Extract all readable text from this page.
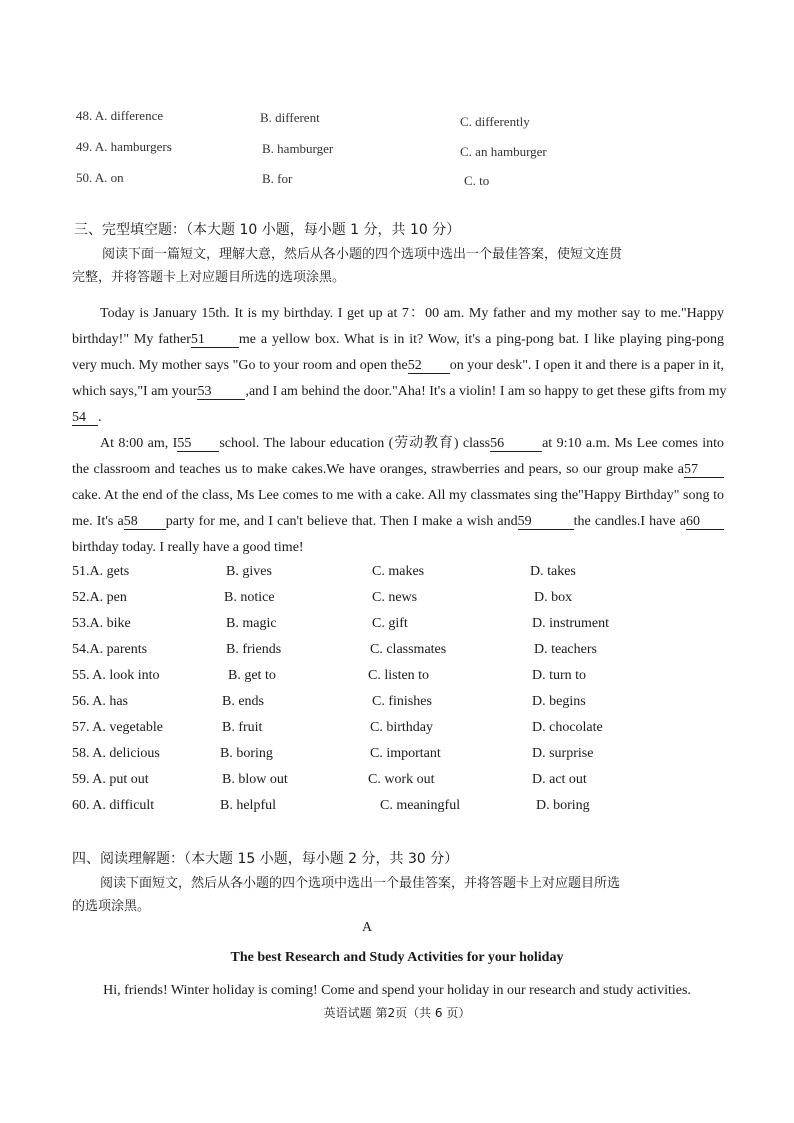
48. A. difference	B. different	C. differently
49. A. hamburgers	B. hamburger	C. an hamburger
50. A. on	B. for	C. to
三、完型填空题：（本大题 10 小题，每小题 1 分，共 10 分）
阅读下面一篇短文，理解大意，然后从各小题的四个选项中选出一个最佳答案，使短文连贯
完整，并将答题卡上对应题目所选的选项涂黑。
Today is January 15th. It is my birthday. I get up at 7：00 am. My father and my mother say to me."Happy
birthday!" My father51 me a yellow box. What is in it? Wow, it's a ping-pong bat. I like playing ping-pong
very much. My mother says "Go to your room and open the52 on your desk". I open it and there is a paper in it,
which says,"I am your53 ,and I am behind the door."Aha! It's a violin! I am so happy to get these gifts from my
54 .
At 8:00 am, I55 school. The labour education (劳动教育) class56	at 9:10 a.m. Ms Lee comes into
the classroom and teaches us to make cakes.We have oranges, strawberries and pears, so our group make a57
cake. At the end of the class, Ms Lee comes to me with a cake. All my classmates sing the"Happy Birthday" song to
me. It's a58 party for me, and I can't believe that. Then I make a wish and59	the candles.I have a60
birthday today. I really have a good time!
51.A. gets	B. gives	C. makes	D. takes
52.A. pen	B. notice	C. news	D. box
53.A. bike	B. magic	C. gift	D. instrument
54.A. parents	B. friends	C. classmates	D. teachers
55. A. look into	B. get to	C. listen to	D. turn to
56. A. has	B. ends	C. finishes	D. begins
57. A. vegetable	B. fruit	C. birthday	D. chocolate
58. A. delicious	B. boring	C. important	D. surprise
59. A. put out	B. blow out	C. work out	D. act out
60. A. difficult	B. helpful	C. meaningful	D. boring
四、阅读理解题：（本大题 15 小题，每小题 2 分，共 30 分）
阅读下面短文，然后从各小题的四个选项中选出一个最佳答案，并将答题卡上对应题目所选
的选项涂黑。
A
The best Research and Study Activities for your holiday
Hi, friends! Winter holiday is coming! Come and spend your holiday in our research and study activities.
英语试题 第2页（共 6 页）
